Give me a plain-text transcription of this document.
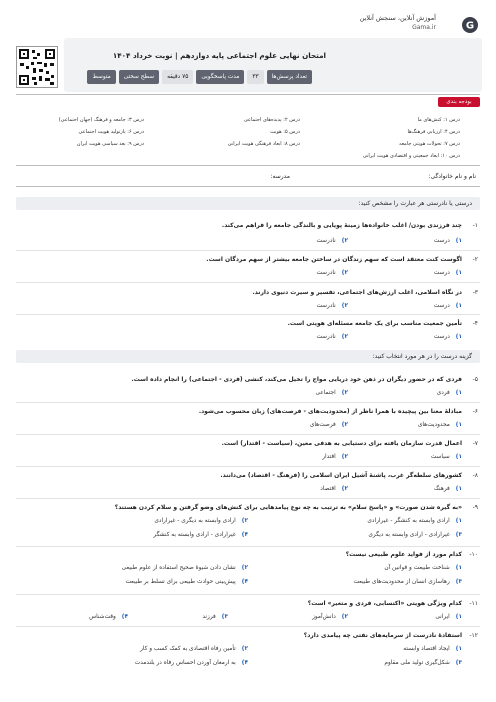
آموزش آنلاین، سنجش آنلاین
Gama.ir	G
امتحان نهایی علوم اجتماعی پایه دوازدهم | نوبت خرداد ۱۴۰۴
تعداد پرسش‌ها
۳۳
مدت پاسخگویی
۷۵ دقیقه
سطح سختی
متوسط
بودجه بندی
درس ۱: کنش‌های ما
درس ۲: پدیده‌های اجتماعی
درس ۳: جامعه و فرهنگ (جهان اجتماعی)
درس ۴: ارزیابی فرهنگ‌ها
درس ۵: هویت
درس ۶: بازتولید هویت اجتماعی
درس ۷: تحولات هویتی جامعه
درس ۸: ابعاد فرهنگی هویت ایرانی
درس ۹: بعد سیاسی هویت ایران
درس ۱۰: ابعاد جمعیتی و اقتصادی هویت ایرانی
نام و نام خانوادگی:
مدرسه:
درستی یا نادرستی هر عبارت را مشخص کنید:
-۱
چند فرزندی بودن/ اغلب خانواده‌ها زمینهٔ پویایی و بالندگی جامعه را فراهم می‌کند.
۱)درست
۲)نادرست
-۲
اگوست کنت معتقد است که سهم زندگان در ساختن جامعه بیشتر از سهم مردگان است.
۱)درست
۲)نادرست
-۳
در نگاه اسلامی، اغلب ارزش‌های اجتماعی، تفسیر و سیرت دنیوی دارند.
۱)درست
۲)نادرست
-۴
تأمین جمعیت مناسب برای یک جامعه مسئله‌ای هویتی است.
۱)درست
۲)نادرست
گزینه درست را در هر مورد انتخاب کنید:
-۵
فردی که در حضور دیگران در ذهن خود دریایی مواج را تخیل می‌کند، کنشی (فردی - اجتماعی) را انجام داده است.
۱)فردی
۲)اجتماعی
-۶
مبادلهٔ معنا بین پیچیده با همرا ناظر از (محدودیت‌های - فرصت‌های) زبان محسوب می‌شود.
۱)محدودیت‌های
۲)فرصت‌های
-۷
اعمال قدرت سازمان یافته برای دستیابی به هدفی معین، (سیاست - اقتدار) است.
۱)سیاست
۲)اقتدار
-۸
کشورهای سلطه‌گر غرب، پاشنهٔ آشیل ایران اسلامی را (فرهنگ - اقتصاد) می‌دانند.
۱)فرهنگ
۲)اقتصاد
-۹
«به گیره شدن صورت» و «پاسخ سلام» به ترتیب به چه نوع پیامدهایی برای کنش‌های وضو گرفتن و سلام کردن هستند؟
۱)ارادی وابسته به کنشگر - غیرارادی
۲)ارادی وابسته به دیگری - غیرارادی
۳)غیرارادی - ارادی وابسته به دیگری
۴)غیرارادی - ارادی وابسته به کنشگر
-۱۰
کدام مورد از فواید علوم طبیعی نیست؟
۱)شناخت طبیعت و قوانین آن
۲)نشان دادن شیوهٔ صحیح استفاده از علوم طبیعی
۳)رهاسازی انسان از محدودیت‌های طبیعت
۴)پیش‌بینی حوادث طبیعی برای تسلط بر طبیعت
-۱۱
کدام ویژگی هویتی «اکتسابی، فردی و متغیر» است؟
۱)ایرانی
۲)دانش‌آموز
۳)فرزند
۴)وقت‌شناس
-۱۲
استفادهٔ نادرست از سرمایه‌های نفتی چه پیامدی دارد؟
۱)ایجاد اقتصاد وابسته
۲)تأمین رفاه اقتصادی به کمک کسب و کار
۳)شکل‌گیری تولید ملی مقاوم
۴)به ارمغان آوردن احساس رفاه در بلندمدت
